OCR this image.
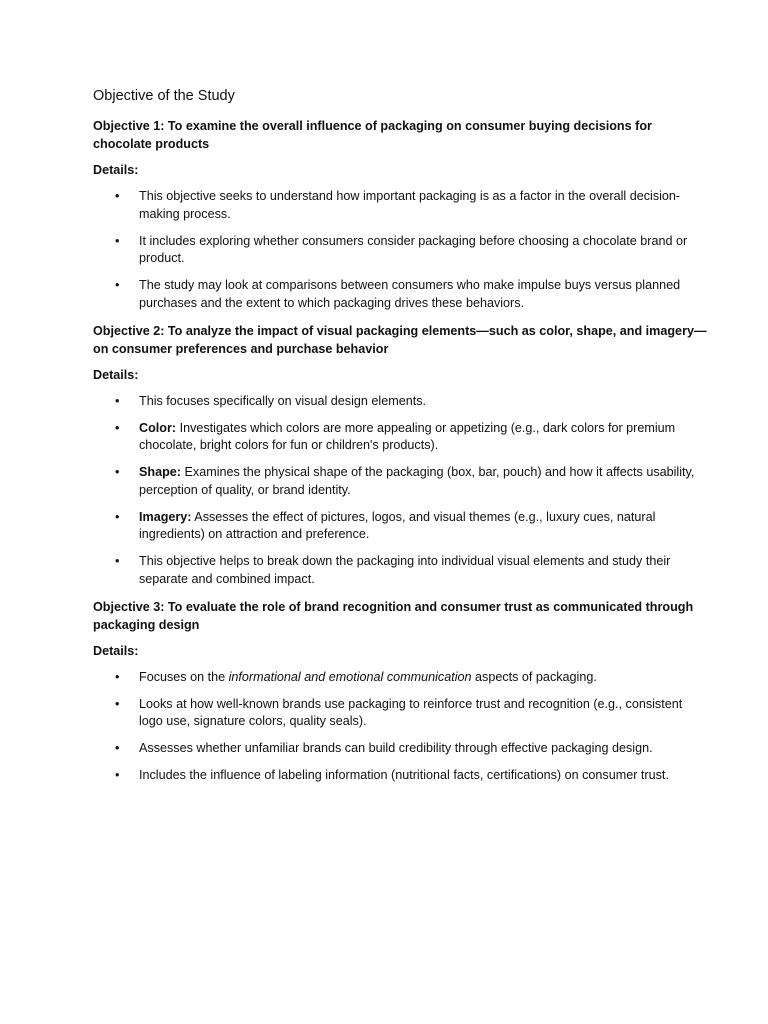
Objective of the Study

Objective 1: To examine the overall influence of packaging on consumer buying decisions for chocolate products

Details:

• This objective seeks to understand how important packaging is as a factor in the overall decision-making process.
• It includes exploring whether consumers consider packaging before choosing a chocolate brand or product.
• The study may look at comparisons between consumers who make impulse buys versus planned purchases and the extent to which packaging drives these behaviors.

Objective 2: To analyze the impact of visual packaging elements—such as color, shape, and imagery—on consumer preferences and purchase behavior

Details:

• This focuses specifically on visual design elements.
• Color: Investigates which colors are more appealing or appetizing (e.g., dark colors for premium chocolate, bright colors for fun or children's products).
• Shape: Examines the physical shape of the packaging (box, bar, pouch) and how it affects usability, perception of quality, or brand identity.
• Imagery: Assesses the effect of pictures, logos, and visual themes (e.g., luxury cues, natural ingredients) on attraction and preference.
• This objective helps to break down the packaging into individual visual elements and study their separate and combined impact.

Objective 3: To evaluate the role of brand recognition and consumer trust as communicated through packaging design

Details:

• Focuses on the informational and emotional communication aspects of packaging.
• Looks at how well-known brands use packaging to reinforce trust and recognition (e.g., consistent logo use, signature colors, quality seals).
• Assesses whether unfamiliar brands can build credibility through effective packaging design.
• Includes the influence of labeling information (nutritional facts, certifications) on consumer trust.
